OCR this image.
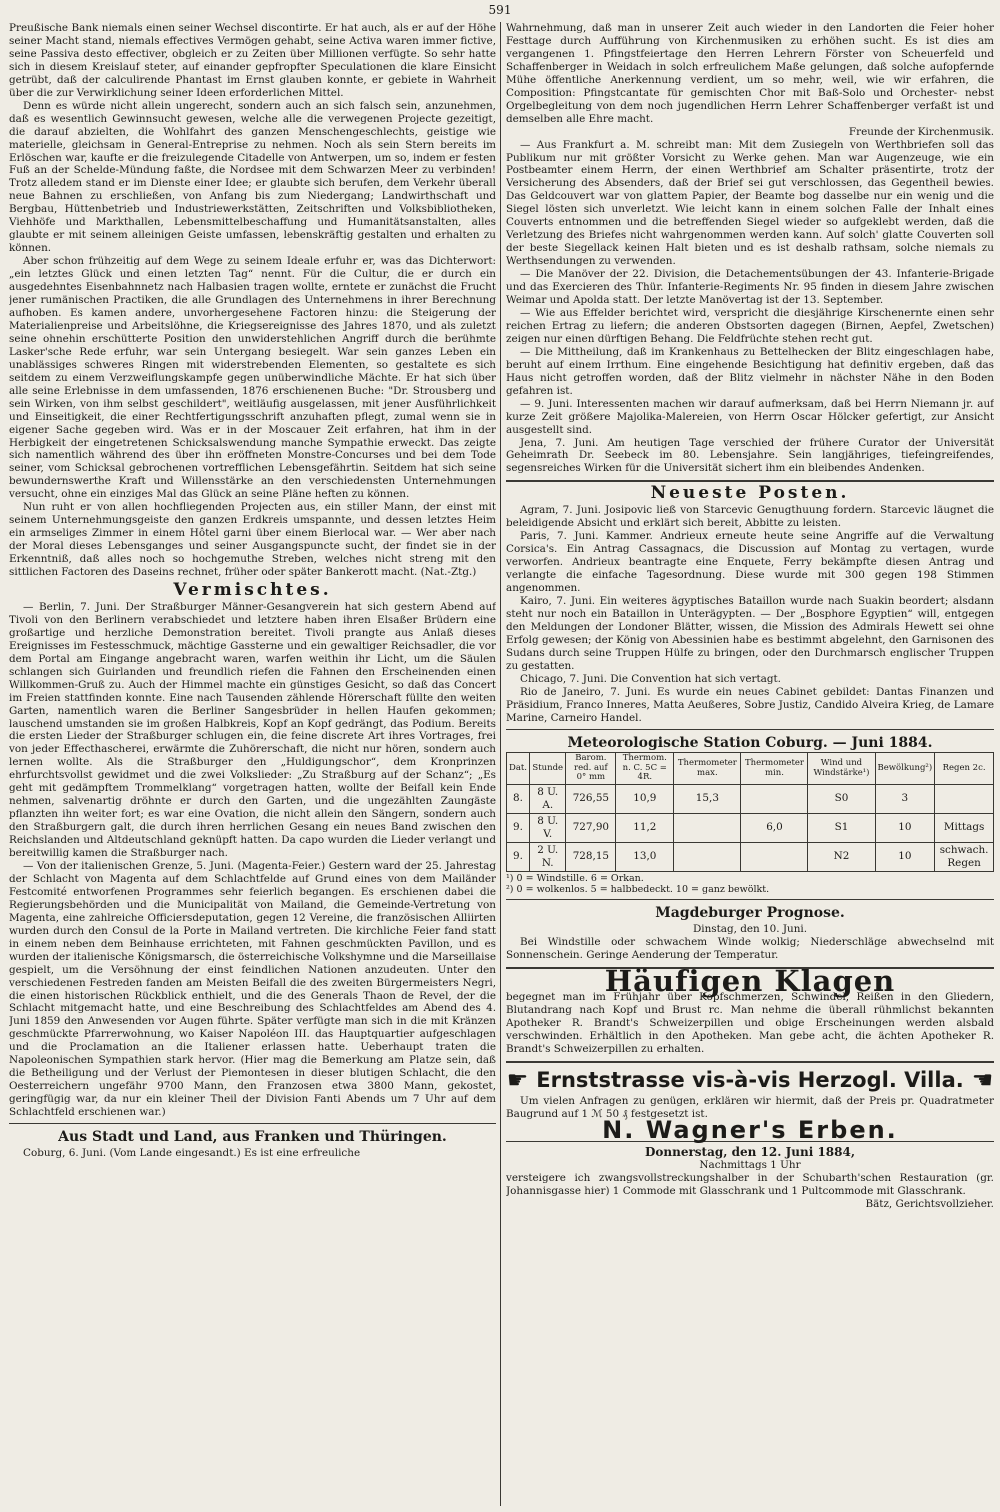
591

Preußische Bank niemals einen seiner Wechsel discontirte. Er hat auch, als er auf der Höhe seiner Macht stand, niemals effectives Vermögen gehabt, seine Activa waren immer fictive, seine Passiva desto effectiver, obgleich er zu Zeiten über Millionen verfügte. So sehr hatte sich in diesem Kreislauf steter, auf einander gepfropfter Speculationen die klare Einsicht getrübt, daß der calculirende Phantast im Ernst glauben konnte, er gebiete in Wahrheit über die zur Verwirklichung seiner Ideen erforderlichen Mittel.

Denn es würde nicht allein ungerecht, sondern auch an sich falsch sein, anzunehmen, daß es wesentlich Gewinnsucht gewesen, welche alle die verwegenen Projecte gezeitigt, die darauf abzielten, die Wohlfahrt des ganzen Menschengeschlechts, geistige wie materielle, gleichsam in General-Entreprise zu nehmen. Noch als sein Stern bereits im Erlöschen war, kaufte er die freizulegende Citadelle von Antwerpen, um so, indem er festen Fuß an der Schelde-Mündung faßte, die Nordsee mit dem Schwarzen Meer zu verbinden! Trotz alledem stand er im Dienste einer Idee; er glaubte sich berufen, dem Verkehr überall neue Bahnen zu erschließen, von Anfang bis zum Niedergang; Landwirthschaft und Bergbau, Hüttenbetrieb und Industriewerkstätten, Zeitschriften und Volksbibliotheken, Viehhöfe und Markthallen, Lebensmittelbeschaffung und Humanitätsanstalten, alles glaubte er mit seinem alleinigen Geiste umfassen, lebenskräftig gestalten und erhalten zu können.

Aber schon frühzeitig auf dem Wege zu seinem Ideale erfuhr er, was das Dichterwort: „ein letztes Glück und einen letzten Tag“ nennt. Für die Cultur, die er durch ein ausgedehntes Eisenbahnnetz nach Halbasien tragen wollte, erntete er zunächst die Frucht jener rumänischen Practiken, die alle Grundlagen des Unternehmens in ihrer Berechnung aufhoben. Es kamen andere, unvorhergesehene Factoren hinzu: die Steigerung der Materialienpreise und Arbeitslöhne, die Kriegsereignisse des Jahres 1870, und als zuletzt seine ohnehin erschütterte Position den unwiderstehlichen Angriff durch die berühmte Lasker'sche Rede erfuhr, war sein Untergang besiegelt. War sein ganzes Leben ein unablässiges schweres Ringen mit widerstrebenden Elementen, so gestaltete es sich seitdem zu einem Verzweiflungskampfe gegen unüberwindliche Mächte. Er hat sich über alle seine Erlebnisse in dem umfassenden, 1876 erschienenen Buche: "Dr. Strousberg und sein Wirken, von ihm selbst geschildert", weitläufig ausgelassen, mit jener Ausführlichkeit und Einseitigkeit, die einer Rechtfertigungsschrift anzuhaften pflegt, zumal wenn sie in eigener Sache gegeben wird. Was er in der Moscauer Zeit erfahren, hat ihm in der Herbigkeit der eingetretenen Schicksalswendung manche Sympathie erweckt. Das zeigte sich namentlich während des über ihn eröffneten Monstre-Concurses und bei dem Tode seiner, vom Schicksal gebrochenen vortrefflichen Lebensgefährtin. Seitdem hat sich seine bewundernswerthe Kraft und Willensstärke an den verschiedensten Unternehmungen versucht, ohne ein einziges Mal das Glück an seine Pläne heften zu können.

Nun ruht er von allen hochfliegenden Projecten aus, ein stiller Mann, der einst mit seinem Unternehmungsgeiste den ganzen Erdkreis umspannte, und dessen letztes Heim ein armseliges Zimmer in einem Hôtel garni über einem Bierlocal war. — Wer aber nach der Moral dieses Lebensganges und seiner Ausgangspuncte sucht, der findet sie in der Erkenntniß, daß alles noch so hochgemuthe Streben, welches nicht streng mit den sittlichen Factoren des Daseins rechnet, früher oder später Bankerott macht. (Nat.-Ztg.)

Vermischtes.

— Berlin, 7. Juni. Der Straßburger Männer-Gesangverein hat sich gestern Abend auf Tivoli von den Berlinern verabschiedet und letztere haben ihren Elsaßer Brüdern eine großartige und herzliche Demonstration bereitet. Tivoli prangte aus Anlaß dieses Ereignisses im Festesschmuck, mächtige Gassterne und ein gewaltiger Reichsadler, die vor dem Portal am Eingange angebracht waren, warfen weithin ihr Licht, um die Säulen schlangen sich Guirlanden und freundlich riefen die Fahnen den Erscheinenden einen Willkommen-Gruß zu. Auch der Himmel machte ein günstiges Gesicht, so daß das Concert im Freien stattfinden konnte. Eine nach Tausenden zählende Hörerschaft füllte den weiten Garten, namentlich waren die Berliner Sangesbrüder in hellen Haufen gekommen; lauschend umstanden sie im großen Halbkreis, Kopf an Kopf gedrängt, das Podium. Bereits die ersten Lieder der Straßburger schlugen ein, die feine discrete Art ihres Vortrages, frei von jeder Effecthascherei, erwärmte die Zuhörerschaft, die nicht nur hören, sondern auch lernen wollte. Als die Straßburger den „Huldigungschor“, dem Kronprinzen ehrfurchtsvollst gewidmet und die zwei Volkslieder: „Zu Straßburg auf der Schanz“; „Es geht mit gedämpftem Trommelklang“ vorgetragen hatten, wollte der Beifall kein Ende nehmen, salvenartig dröhnte er durch den Garten, und die ungezählten Zaungäste pflanzten ihn weiter fort; es war eine Ovation, die nicht allein den Sängern, sondern auch den Straßburgern galt, die durch ihren herrlichen Gesang ein neues Band zwischen den Reichslanden und Altdeutschland geknüpft hatten. Da capo wurden die Lieder verlangt und bereitwillig kamen die Straßburger nach.

— Von der italienischen Grenze, 5. Juni. (Magenta-Feier.) Gestern ward der 25. Jahrestag der Schlacht von Magenta auf dem Schlachtfelde auf Grund eines von dem Mailänder Festcomité entworfenen Programmes sehr feierlich begangen. Es erschienen dabei die Regierungsbehörden und die Municipalität von Mailand, die Gemeinde-Vertretung von Magenta, eine zahlreiche Officiersdeputation, gegen 12 Vereine, die französischen Alliirten wurden durch den Consul de la Porte in Mailand vertreten. Die kirchliche Feier fand statt in einem neben dem Beinhause errichteten, mit Fahnen geschmückten Pavillon, und es wurden der italienische Königsmarsch, die österreichische Volkshymne und die Marseillaise gespielt, um die Versöhnung der einst feindlichen Nationen anzudeuten. Unter den verschiedenen Festreden fanden am Meisten Beifall die des zweiten Bürgermeisters Negri, die einen historischen Rückblick enthielt, und die des Generals Thaon de Revel, der die Schlacht mitgemacht hatte, und eine Beschreibung des Schlachtfeldes am Abend des 4. Juni 1859 den Anwesenden vor Augen führte. Später verfügte man sich in die mit Kränzen geschmückte Pfarrerwohnung, wo Kaiser Napoléon III. das Hauptquartier aufgeschlagen und die Proclamation an die Italiener erlassen hatte. Ueberhaupt traten die Napoleonischen Sympathien stark hervor. (Hier mag die Bemerkung am Platze sein, daß die Betheiligung und der Verlust der Piemontesen in dieser blutigen Schlacht, die den Oesterreichern ungefähr 9700 Mann, den Franzosen etwa 3800 Mann, gekostet, geringfügig war, da nur ein kleiner Theil der Division Fanti Abends um 7 Uhr auf dem Schlachtfeld erschienen war.)

Aus Stadt und Land, aus Franken und Thüringen.

Coburg, 6. Juni. (Vom Lande eingesandt.) Es ist eine erfreuliche

Wahrnehmung, daß man in unserer Zeit auch wieder in den Landorten die Feier hoher Festtage durch Aufführung von Kirchenmusiken zu erhöhen sucht. Es ist dies am vergangenen 1. Pfingstfeiertage den Herren Lehrern Förster von Scheuerfeld und Schaffenberger in Weidach in solch erfreulichem Maße gelungen, daß solche aufopfernde Mühe öffentliche Anerkennung verdient, um so mehr, weil, wie wir erfahren, die Composition: Pfingstcantate für gemischten Chor mit Baß-Solo und Orchester- nebst Orgelbegleitung von dem noch jugendlichen Herrn Lehrer Schaffenberger verfaßt ist und demselben alle Ehre macht.

Freunde der Kirchenmusik.

— Aus Frankfurt a. M. schreibt man: Mit dem Zusiegeln von Werthbriefen soll das Publikum nur mit größter Vorsicht zu Werke gehen. Man war Augenzeuge, wie ein Postbeamter einem Herrn, der einen Werthbrief am Schalter präsentirte, trotz der Versicherung des Absenders, daß der Brief sei gut verschlossen, das Gegentheil bewies. Das Geldcouvert war von glattem Papier, der Beamte bog dasselbe nur ein wenig und die Siegel lösten sich unverletzt. Wie leicht kann in einem solchen Falle der Inhalt eines Couverts entnommen und die betreffenden Siegel wieder so aufgeklebt werden, daß die Verletzung des Briefes nicht wahrgenommen werden kann. Auf solch' glatte Couverten soll der beste Siegellack keinen Halt bieten und es ist deshalb rathsam, solche niemals zu Werthsendungen zu verwenden.

— Die Manöver der 22. Division, die Detachementsübungen der 43. Infanterie-Brigade und das Exercieren des Thür. Infanterie-Regiments Nr. 95 finden in diesem Jahre zwischen Weimar und Apolda statt. Der letzte Manövertag ist der 13. September.

— Wie aus Effelder berichtet wird, verspricht die diesjährige Kirschenernte einen sehr reichen Ertrag zu liefern; die anderen Obstsorten dagegen (Birnen, Aepfel, Zwetschen) zeigen nur einen dürftigen Behang. Die Feldfrüchte stehen recht gut.

— Die Mittheilung, daß im Krankenhaus zu Bettelhecken der Blitz eingeschlagen habe, beruht auf einem Irrthum. Eine eingehende Besichtigung hat definitiv ergeben, daß das Haus nicht getroffen worden, daß der Blitz vielmehr in nächster Nähe in den Boden gefahren ist.

— 9. Juni. Interessenten machen wir darauf aufmerksam, daß bei Herrn Niemann jr. auf kurze Zeit größere Majolika-Malereien, von Herrn Oscar Hölcker gefertigt, zur Ansicht ausgestellt sind.

Jena, 7. Juni. Am heutigen Tage verschied der frühere Curator der Universität Geheimrath Dr. Seebeck im 80. Lebensjahre. Sein langjähriges, tiefeingreifendes, segensreiches Wirken für die Universität sichert ihm ein bleibendes Andenken.

Neueste Posten.

Agram, 7. Juni. Josipovic ließ von Starcevic Genugthuung fordern. Starcevic läugnet die beleidigende Absicht und erklärt sich bereit, Abbitte zu leisten.

Paris, 7. Juni. Kammer. Andrieux erneute heute seine Angriffe auf die Verwaltung Corsica's. Ein Antrag Cassagnacs, die Discussion auf Montag zu vertagen, wurde verworfen. Andrieux beantragte eine Enquete, Ferry bekämpfte diesen Antrag und verlangte die einfache Tagesordnung. Diese wurde mit 300 gegen 198 Stimmen angenommen.

Kairo, 7. Juni. Ein weiteres ägyptisches Bataillon wurde nach Suakin beordert; alsdann steht nur noch ein Bataillon in Unterägypten. — Der „Bosphore Egyptien“ will, entgegen den Meldungen der Londoner Blätter, wissen, die Mission des Admirals Hewett sei ohne Erfolg gewesen; der König von Abessinien habe es bestimmt abgelehnt, den Garnisonen des Sudans durch seine Truppen Hülfe zu bringen, oder den Durchmarsch englischer Truppen zu gestatten.

Chicago, 7. Juni. Die Convention hat sich vertagt.

Rio de Janeiro, 7. Juni. Es wurde ein neues Cabinet gebildet: Dantas Finanzen und Präsidium, Franco Inneres, Matta Aeußeres, Sobre Justiz, Candido Alveira Krieg, de Lamare Marine, Carneiro Handel.

Meteorologische Station Coburg. — Juni 1884.
Dat.	Stunde	Barom. red. auf 0° mm	Thermom. n. C. 5C = 4R.	Thermometer max.	Thermometer min.	Wind und Windstärke¹)	Bewölkung²)	Regen 2c.
8.	8 U. A.	726,55	10,9	15,3		S0	3	
9.	8 U. V.	727,90	11,2		6,0	S1	10	Mittags
9.	2 U. N.	728,15	13,0			N2	10	schwach. Regen
¹) 0 = Windstille. 6 = Orkan.
²) 0 = wolkenlos. 5 = halbbedeckt. 10 = ganz bewölkt.
Magdeburger Prognose.

Dinstag, den 10. Juni.

Bei Windstille oder schwachem Winde wolkig; Niederschläge abwechselnd mit Sonnenschein. Geringe Aenderung der Temperatur.

Häufigen Klagen

begegnet man im Frühjahr über Kopfschmerzen, Schwindel, Reißen in den Gliedern, Blutandrang nach Kopf und Brust rc. Man nehme die überall rühmlichst bekannten Apotheker R. Brandt's Schweizerpillen und obige Erscheinungen werden alsbald verschwinden. Erhältlich in den Apotheken. Man gebe acht, die ächten Apotheker R. Brandt's Schweizerpillen zu erhalten.

☛ Ernststrasse vis-à-vis Herzogl. Villa. ☚

Um vielen Anfragen zu genügen, erklären wir hiermit, daß der Preis pr. Quadratmeter Baugrund auf 1 ℳ 50 ₰ festgesetzt ist.

N. Wagner's Erben.

Donnerstag, den 12. Juni 1884,

Nachmittags 1 Uhr

versteigere ich zwangsvollstreckungshalber in der Schubarth'schen Restauration (gr. Johannisgasse hier) 1 Commode mit Glasschrank und 1 Pultcommode mit Glasschrank.

Bätz, Gerichtsvollzieher.
